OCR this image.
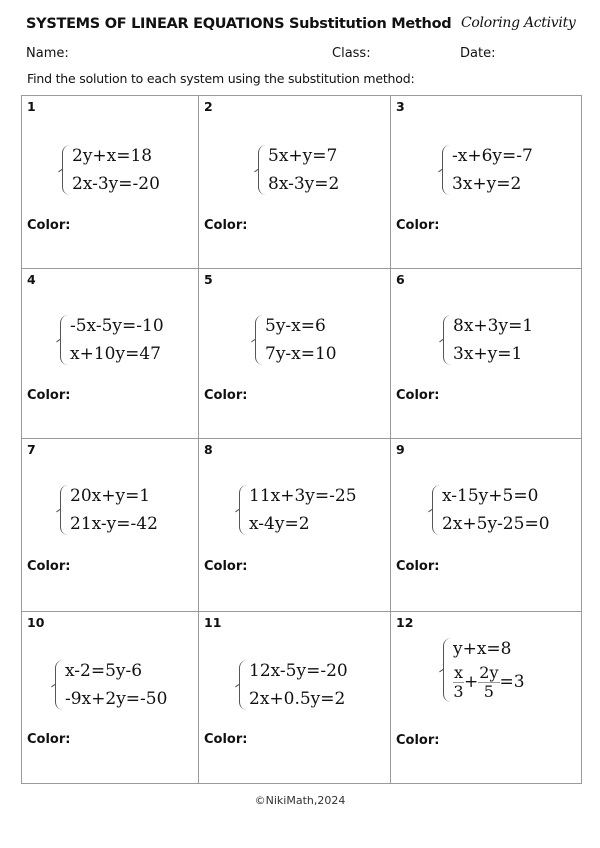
SYSTEMS OF LINEAR EQUATIONS Substitution Method Coloring Activity
Name:	Class:	Date:
Find the solution to each system using the substitution method:
1
2y+x=18
2x-3y=-20
Color:
2
5x+y=7
8x-3y=2
Color:
3
-x+6y=-7
3x+y=2
Color:
4
-5x-5y=-10
x+10y=47
Color:
5
5y-x=6
7y-x=10
Color:
6
8x+3y=1
3x+y=1
Color:
7
20x+y=1
21x-y=-42
Color:
8
11x+3y=-25
x-4y=2
Color:
9
x-15y+5=0
2x+5y-25=0
Color:
10
x-2=5y-6
-9x+2y=-50
Color:
11
12x-5y=-20
2x+0.5y=2
Color:
12
y+x=8
$\frac{x}{3} + \frac{2y}{5} =3$
Color:
©NikiMath,2024
